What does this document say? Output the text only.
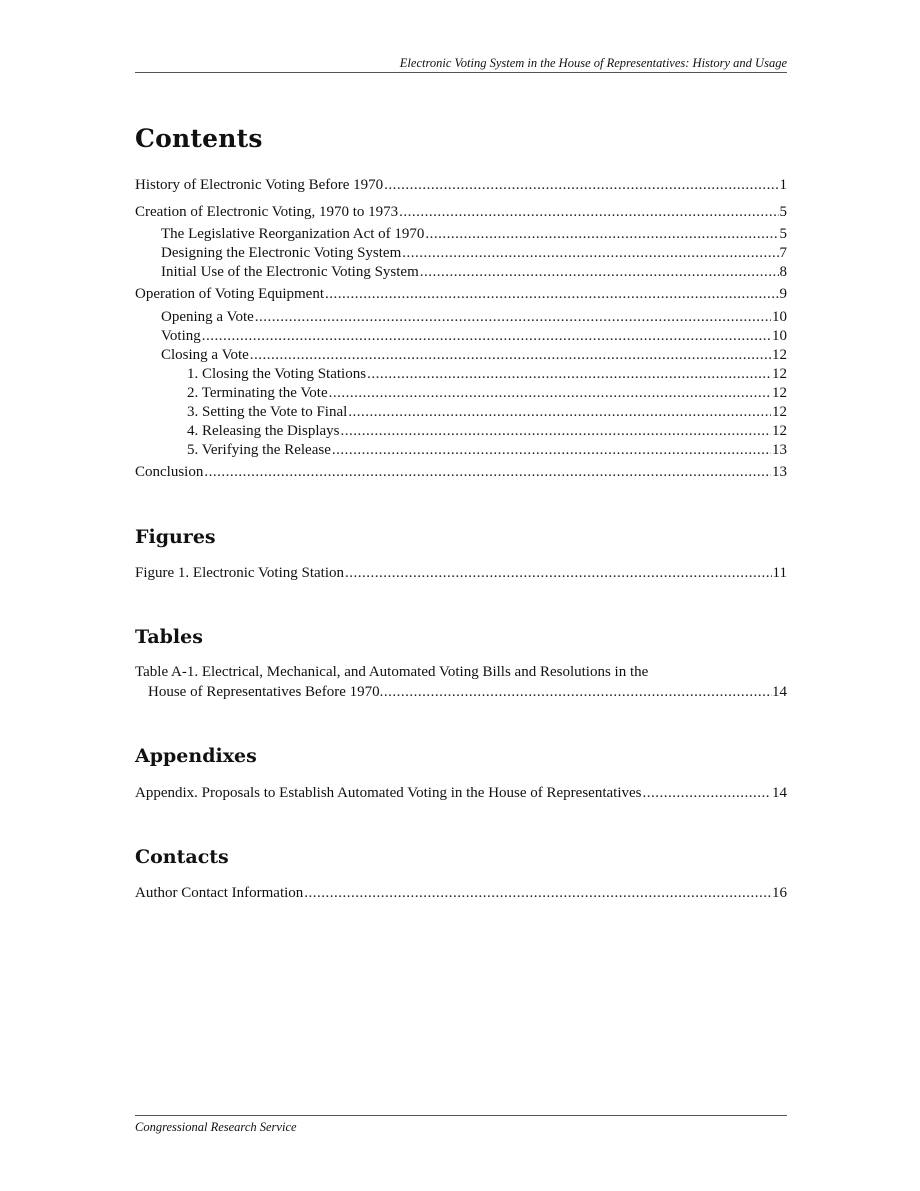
Electronic Voting System in the House of Representatives: History and Usage
Contents
History of Electronic Voting Before 1970 .....	1
Creation of Electronic Voting, 1970 to 1973 .....	5
The Legislative Reorganization Act of 1970 .....	5
Designing the Electronic Voting System .....	7
Initial Use of the Electronic Voting System .....	8
Operation of Voting Equipment .....	9
Opening a Vote .....	10
Voting .....	10
Closing a Vote .....	12
1. Closing the Voting Stations .....	12
2. Terminating the Vote .....	12
3. Setting the Vote to Final .....	12
4. Releasing the Displays .....	12
5. Verifying the Release .....	13
Conclusion .....	13
Figures
Figure 1. Electronic Voting Station .....	11
Tables
Table A-1. Electrical, Mechanical, and Automated Voting Bills and Resolutions in the
House of Representatives Before 1970 .....	14
Appendixes
Appendix. Proposals to Establish Automated Voting in the House of Representatives .....	14
Contacts
Author Contact Information .....	16
Congressional Research Service
